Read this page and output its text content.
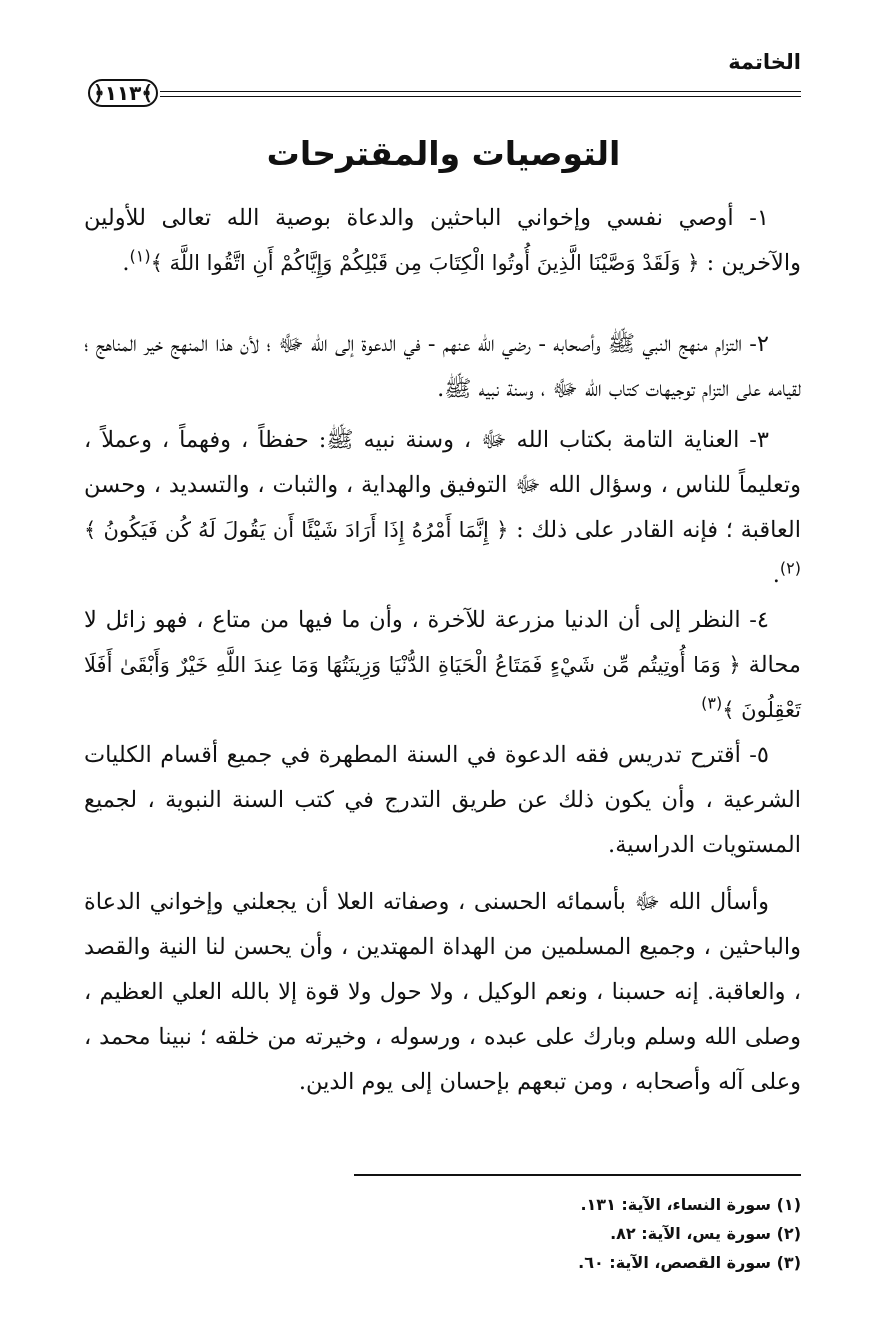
الخاتمة
﴿١١٣﴾
التوصيات والمقترحات

١- أوصي نفسي وإخواني الباحثين والدعاة بوصية الله تعالى للأولين والآخرين : ﴿ وَلَقَدْ وَصَّيْنَا الَّذِينَ أُوتُوا الْكِتَابَ مِن قَبْلِكُمْ وَإِيَّاكُمْ أَنِ اتَّقُوا اللَّهَ ﴾$^{(١)}$.

٢- التزام منهج النبي ﷺ وأصحابه - رضي الله عنهم - في الدعوة إلى الله ﷻ ؛ لأن هذا المنهج خير المناهج ؛ لقيامه على التزام توجيهات كتاب الله ﷻ ، وسنة نبيه ﷺ.

٣- العناية التامة بكتاب الله ﷻ ، وسنة نبيه ﷺ: حفظاً ، وفهماً ، وعملاً ، وتعليماً للناس ، وسؤال الله ﷻ التوفيق والهداية ، والثبات ، والتسديد ، وحسن العاقبة ؛ فإنه القادر على ذلك : ﴿ إِنَّمَا أَمْرُهُ إِذَا أَرَادَ شَيْئًا أَن يَقُولَ لَهُ كُن فَيَكُونُ ﴾$^{(٢)}$.

٤- النظر إلى أن الدنيا مزرعة للآخرة ، وأن ما فيها من متاع ، فهو زائل لا محالة ﴿ وَمَا أُوتِيتُم مِّن شَيْءٍ فَمَتَاعُ الْحَيَاةِ الدُّنْيَا وَزِينَتُهَا وَمَا عِندَ اللَّهِ خَيْرٌ وَأَبْقَىٰ أَفَلَا تَعْقِلُونَ ﴾$^{(٣)}$

٥- أقترح تدريس فقه الدعوة في السنة المطهرة في جميع أقسام الكليات الشرعية ، وأن يكون ذلك عن طريق التدرج في كتب السنة النبوية ، لجميع المستويات الدراسية.

وأسأل الله ﷻ بأسمائه الحسنى ، وصفاته العلا أن يجعلني وإخواني الدعاة والباحثين ، وجميع المسلمين من الهداة المهتدين ، وأن يحسن لنا النية والقصد ، والعاقبة. إنه حسبنا ، ونعم الوكيل ، ولا حول ولا قوة إلا بالله العلي العظيم ، وصلى الله وسلم وبارك على عبده ، ورسوله ، وخيرته من خلقه ؛ نبينا محمد ، وعلى آله وأصحابه ، ومن تبعهم بإحسان إلى يوم الدين.

(١) سورة النساء، الآية: ١٣١.
(٢) سورة يس، الآية: ٨٢.
(٣) سورة القصص، الآية: ٦٠.
